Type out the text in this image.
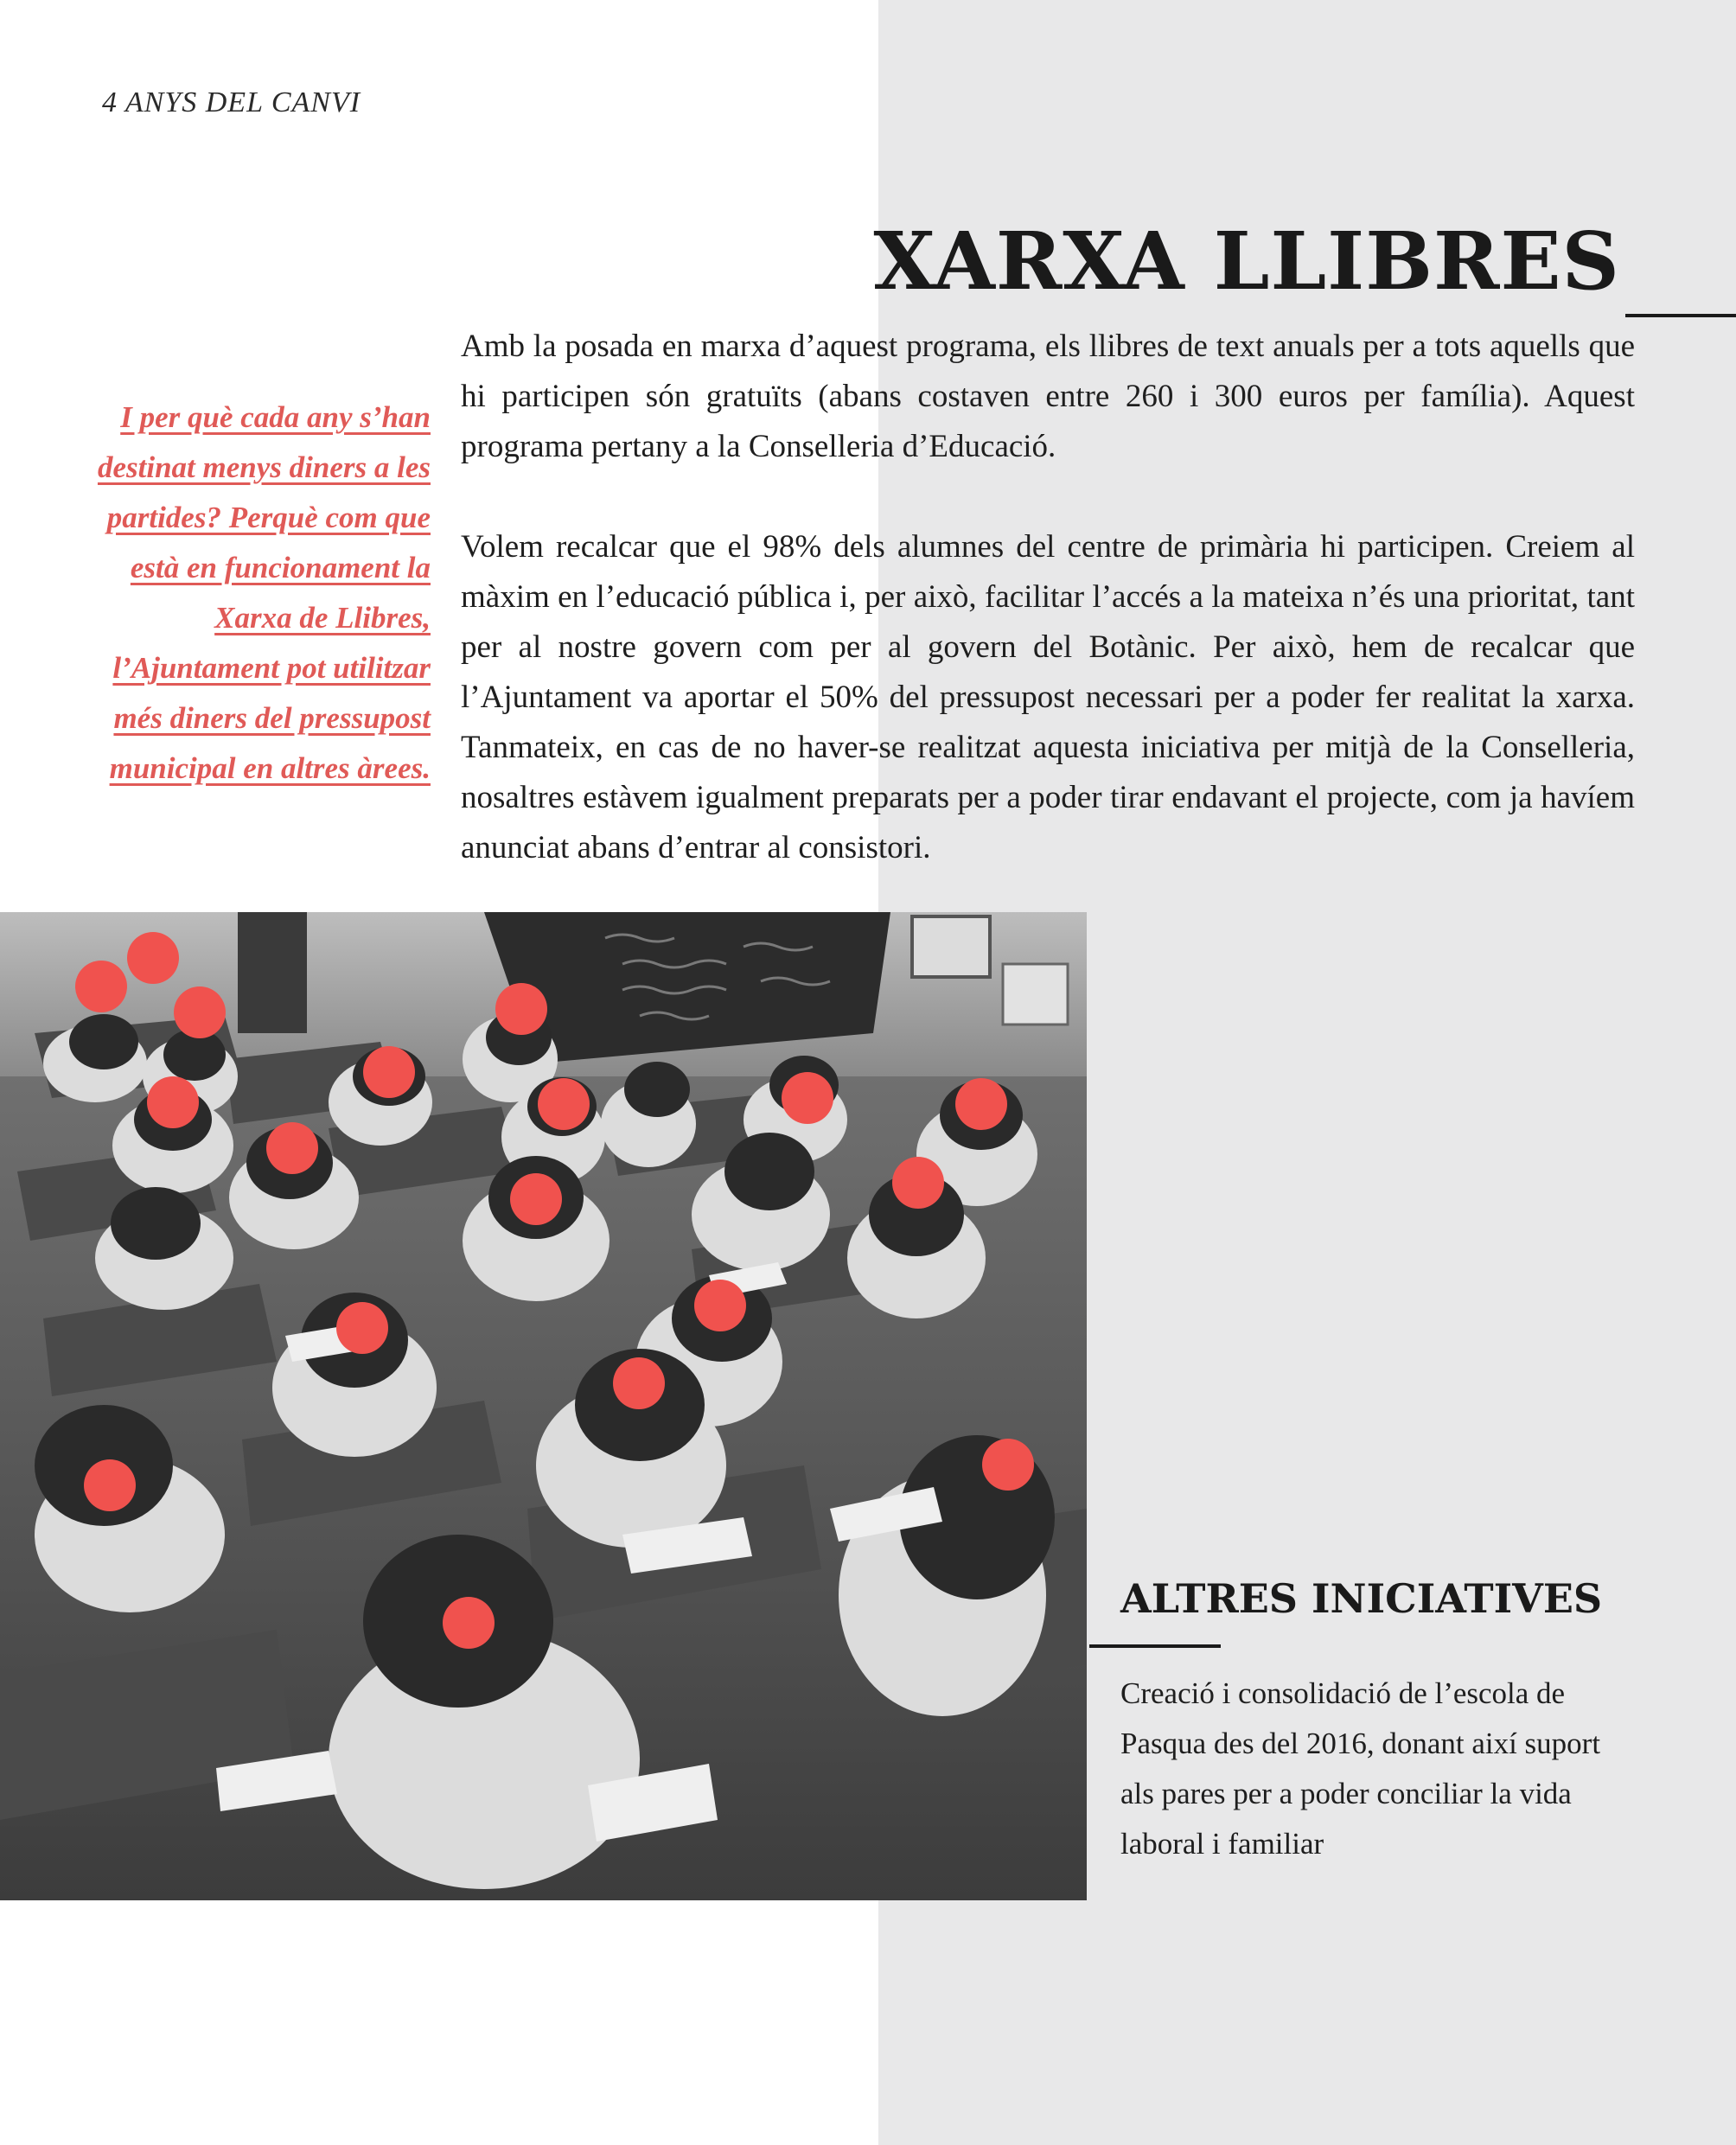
4 ANYS DEL CANVI
XARXA LLIBRES
I per què cada any s’han destinat menys diners a les partides? Perquè com que està en funcionament la Xarxa de Llibres, l’Ajuntament pot utilitzar més diners del pressupost municipal en altres àrees.

Amb la posada en marxa d’aquest programa, els llibres de text anuals per a tots aquells que hi participen són gratuïts (abans costaven entre 260 i 300 euros per família). Aquest programa pertany a la Conselleria d’Educació.

Volem recalcar que el 98% dels alumnes del centre de primària hi participen. Creiem al màxim en l’educació pública i, per això, facilitar l’accés a la mateixa n’és una prioritat, tant per al nostre govern com per al govern del Botànic. Per això, hem de recalcar que l’Ajuntament va aportar el 50% del pressupost necessari per a poder fer realitat la xarxa. Tanmateix, en cas de no haver-se realitzat aquesta iniciativa per mitjà de la Conselleria, nosaltres estàvem igualment preparats per a poder tirar endavant el projecte, com ja havíem anunciat abans d’entrar al consistori.

ALTRES INICIATIVES
Creació i consolidació de l’escola de Pasqua des del 2016, donant així suport als pares per a poder conciliar la vida laboral i familiar
